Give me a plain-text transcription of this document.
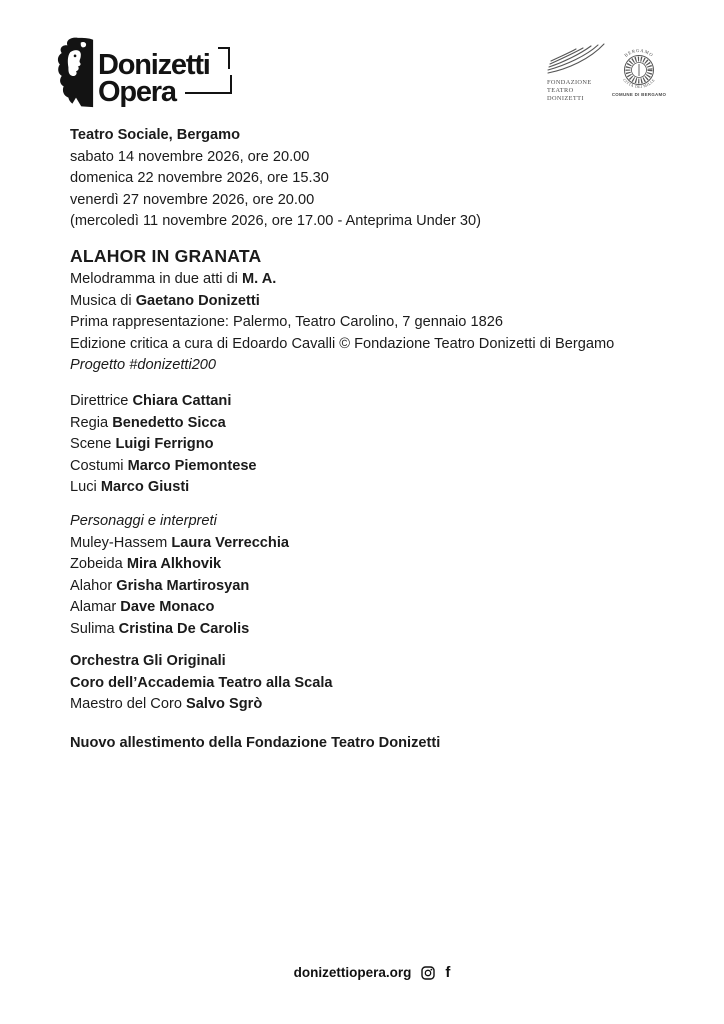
Donizetti
Opera	FONDAZIONE
TEATRO
DONIZETTI
BERGAMO
CITTÀ DEI MILLE
COMUNE DI BERGAMO
Teatro Sociale, Bergamo
sabato 14 novembre 2026, ore 20.00
domenica 22 novembre 2026, ore 15.30
venerdì 27 novembre 2026, ore 20.00
(mercoledì 11 novembre 2026, ore 17.00 - Anteprima Under 30)
ALAHOR IN GRANATA
Melodramma in due atti di M. A.
Musica di Gaetano Donizetti
Prima rappresentazione: Palermo, Teatro Carolino, 7 gennaio 1826
Edizione critica a cura di Edoardo Cavalli © Fondazione Teatro Donizetti di Bergamo
Progetto #donizetti200
Direttrice Chiara Cattani
Regia Benedetto Sicca
Scene Luigi Ferrigno
Costumi Marco Piemontese
Luci Marco Giusti
Personaggi e interpreti
Muley-Hassem Laura Verrecchia
Zobeida Mira Alkhovik
Alahor Grisha Martirosyan
Alamar Dave Monaco
Sulima Cristina De Carolis
Orchestra Gli Originali
Coro dell’Accademia Teatro alla Scala
Maestro del Coro Salvo Sgrò
Nuovo allestimento della Fondazione Teatro Donizetti
donizettiopera.org f
